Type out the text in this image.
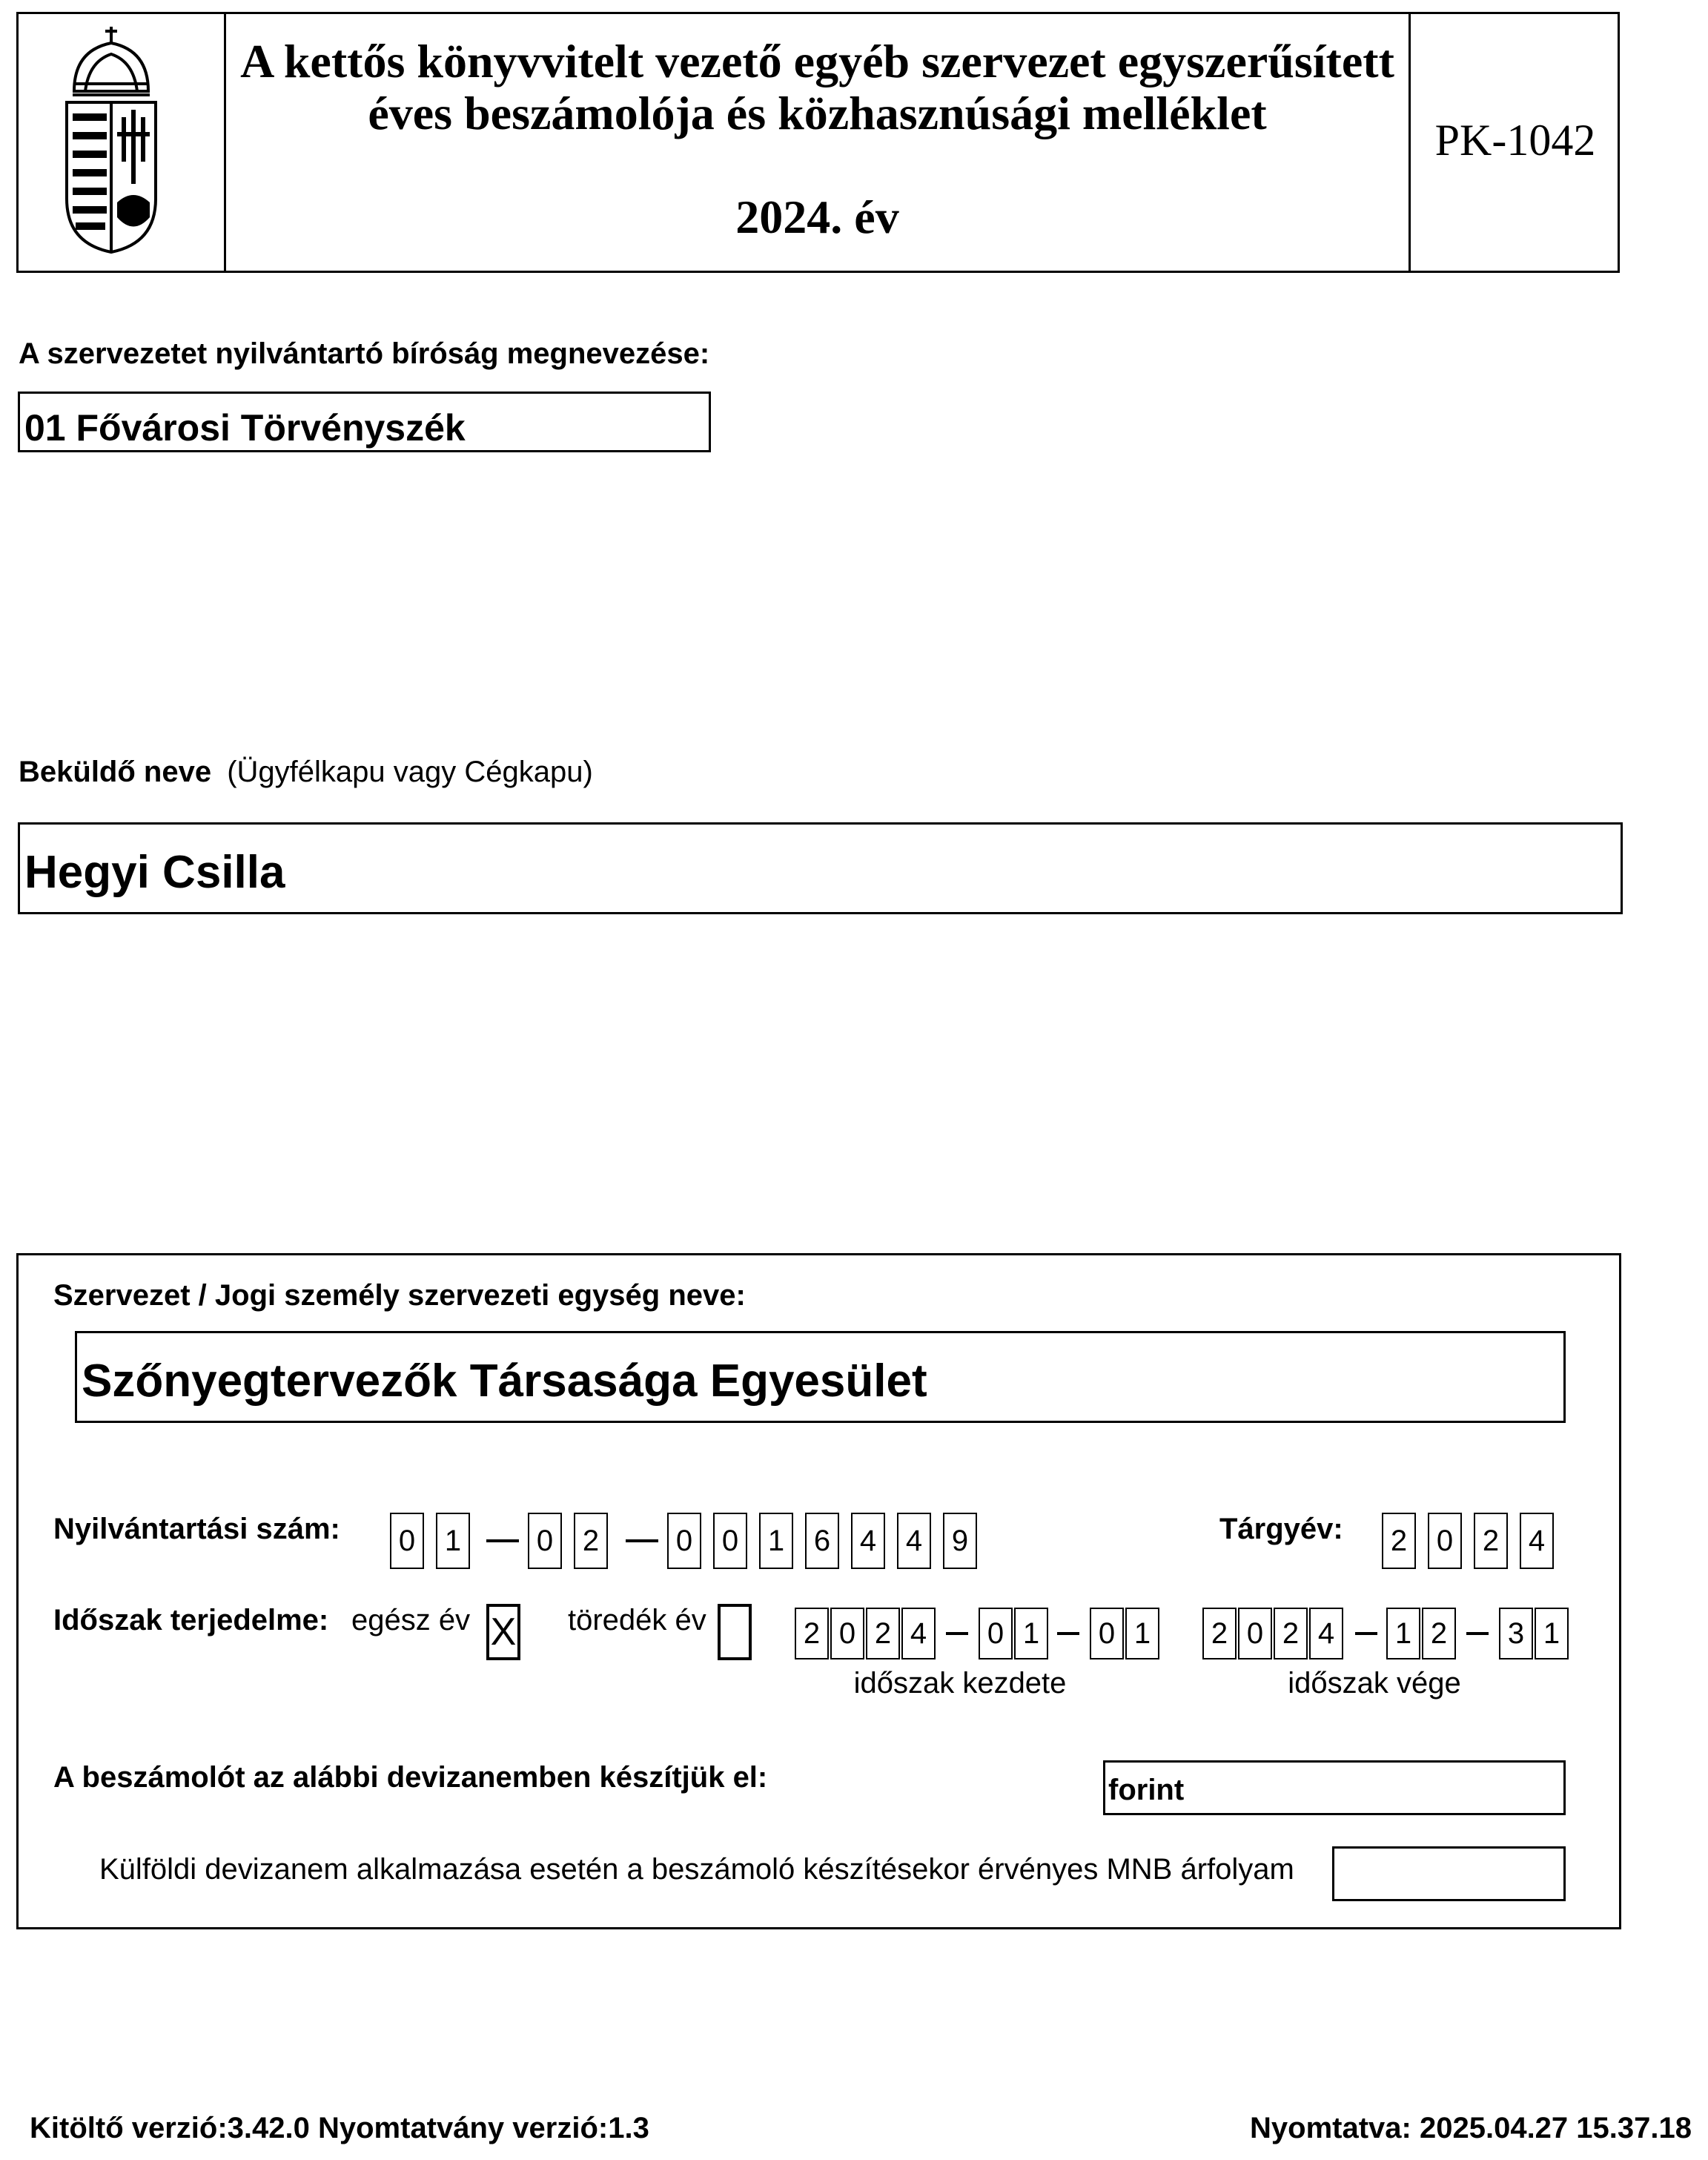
A kettős könyvvitelt vezető egyéb szervezet egyszerűsített
éves beszámolója és közhasznúsági melléklet
2024. év
PK-1042
A szervezetet nyilvántartó bíróság megnevezése:
01 Fővárosi Törvényszék
Beküldő neve (Ügyfélkapu vagy Cégkapu)
Hegyi Csilla
Szervezet / Jogi személy szervezeti egység neve:
Szőnyegtervezők Társasága Egyesület
Nyilvántartási szám: 0 1	0 2	0 0 1 6 4 4 9	Tárgyév: 2 0 2 4
Időszak terjedelme: egész év X töredék év	2 0 2 4 0 1 0 1
időszak kezdete
2 0 2 4 1 2 3 1
időszak vége
A beszámolót az alábbi devizanemben készítjük el:	forint
Külföldi devizanem alkalmazása esetén a beszámoló készítésekor érvényes MNB árfolyam
Kitöltő verzió:3.42.0 Nyomtatvány verzió:1.3	Nyomtatva: 2025.04.27 15.37.18
